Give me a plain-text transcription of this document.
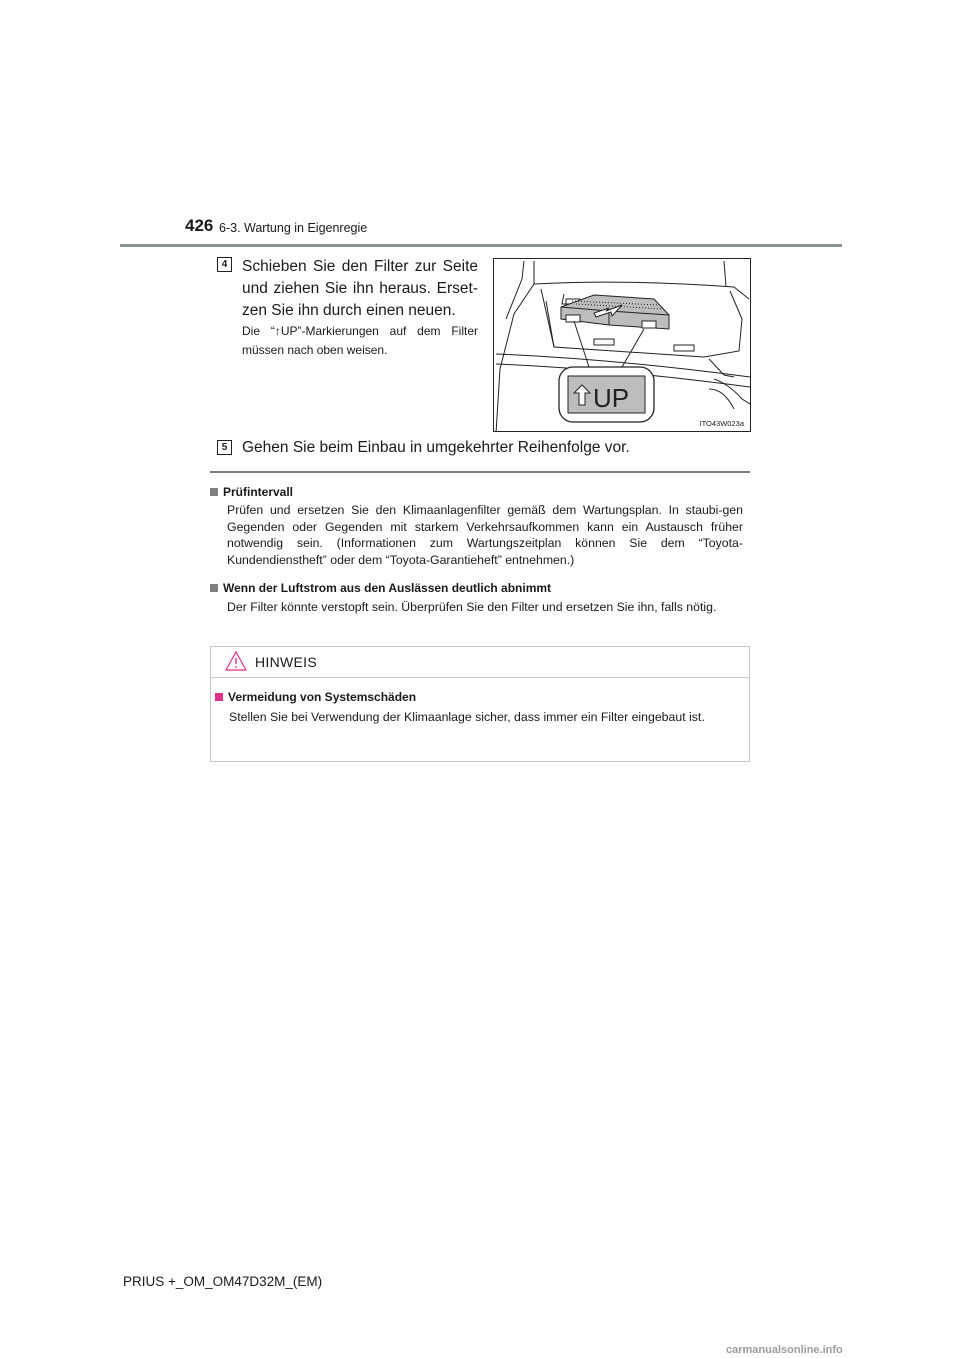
426 6-3. Wartung in Eigenregie
4 Schieben Sie den Filter zur Seite und ziehen Sie ihn heraus. Erset-zen Sie ihn durch einen neuen.
Die “↑UP”-Markierungen auf dem Filter müssen nach oben weisen.
UP
ITO43W023a
5 Gehen Sie beim Einbau in umgekehrter Reihenfolge vor.
Prüfintervall
Prüfen und ersetzen Sie den Klimaanlagenfilter gemäß dem Wartungsplan. In staubi-gen Gegenden oder Gegenden mit starkem Verkehrsaufkommen kann ein Austausch früher notwendig sein. (Informationen zum Wartungszeitplan können Sie dem “Toyota-Kundendienstheft” oder dem “Toyota-Garantieheft” entnehmen.)
Wenn der Luftstrom aus den Auslässen deutlich abnimmt
Der Filter könnte verstopft sein. Überprüfen Sie den Filter und ersetzen Sie ihn, falls nötig.
HINWEIS
Vermeidung von Systemschäden
Stellen Sie bei Verwendung der Klimaanlage sicher, dass immer ein Filter eingebaut ist.
PRIUS +_OM_OM47D32M_(EM)
carmanualsonline.info
